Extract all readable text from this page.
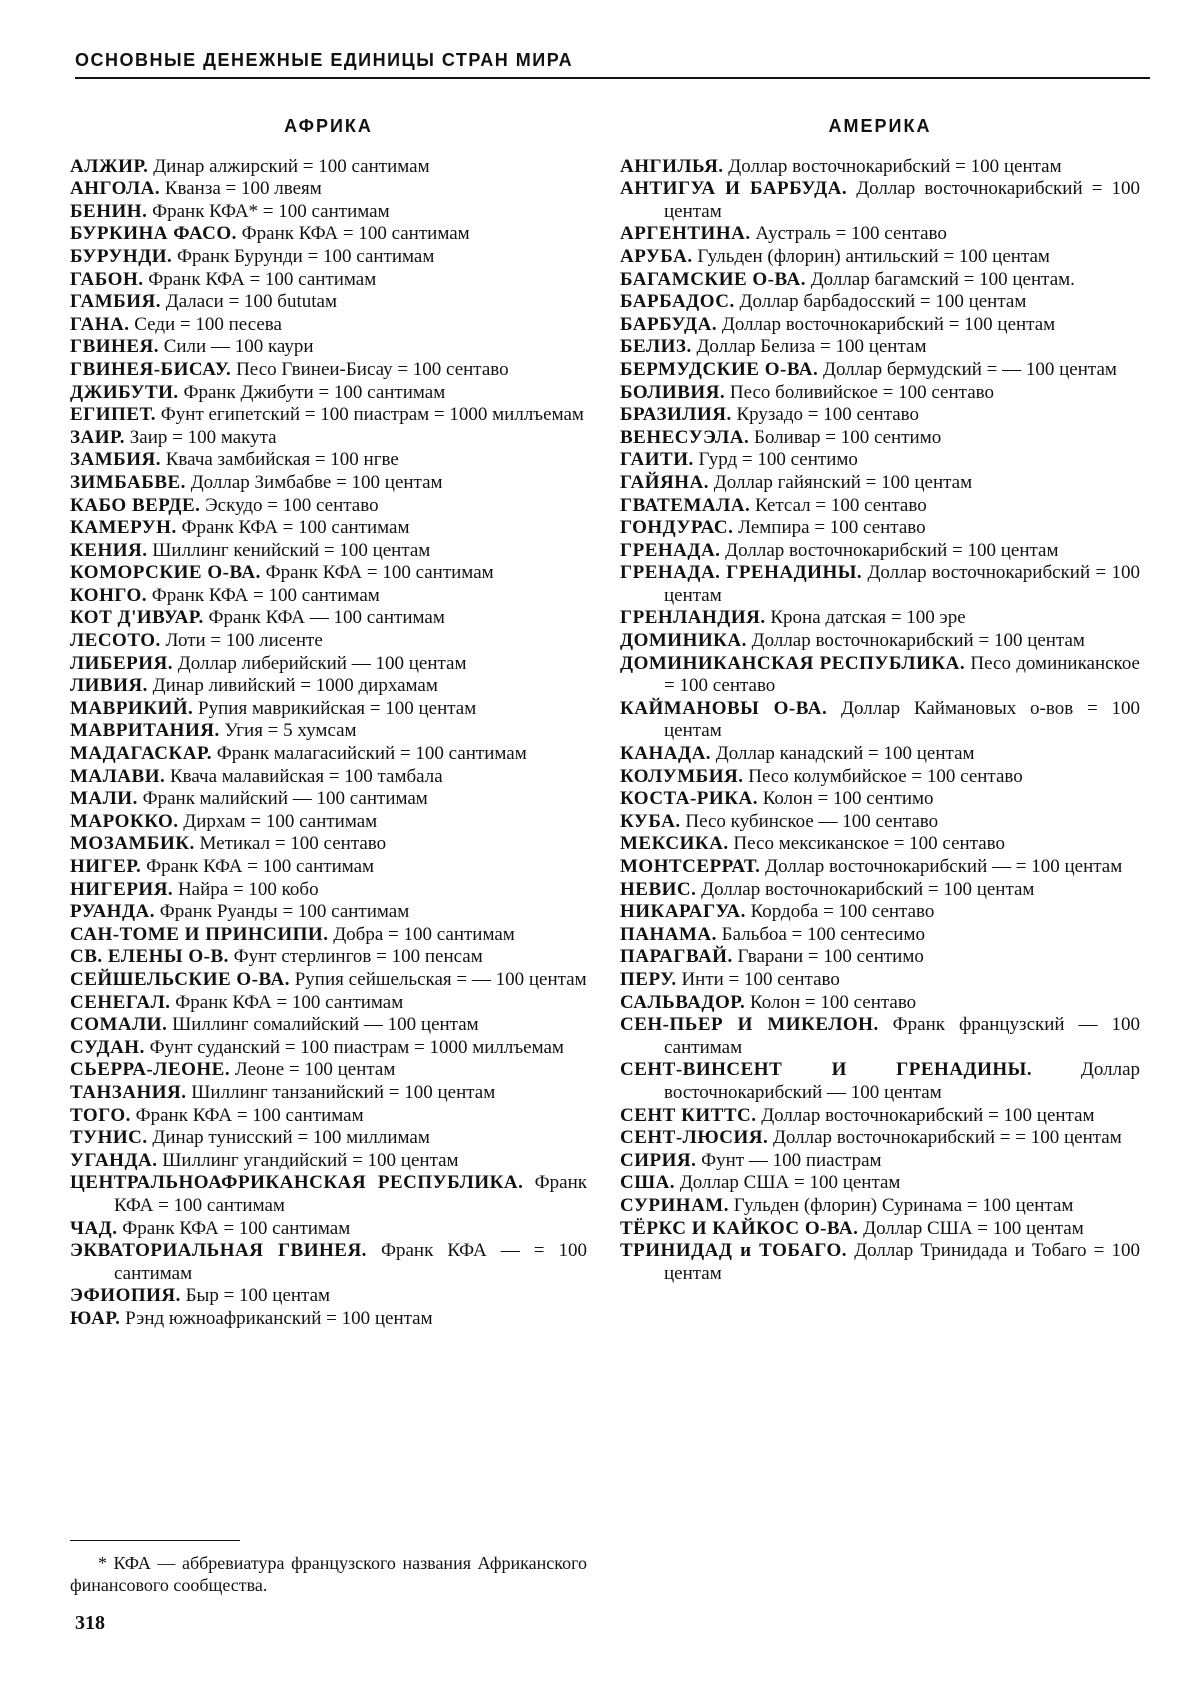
ОСНОВНЫЕ ДЕНЕЖНЫЕ ЕДИНИЦЫ СТРАН МИРА
АФРИКА
АЛЖИР. Динар алжирский = 100 сантимам
АНГОЛА. Кванза = 100 лвеям
БЕНИН. Франк КФА* = 100 сантимам
БУРКИНА ФАСО. Франк КФА = 100 сантимам
БУРУНДИ. Франк Бурунди = 100 сантимам
ГАБОН. Франк КФА = 100 сантимам
ГАМБИЯ. Даласи = 100 бututам
ГАНА. Седи = 100 песева
ГВИНЕЯ. Сили — 100 каури
ГВИНЕЯ-БИСАУ. Песо Гвинеи-Бисау = 100 сентаво
ДЖИБУТИ. Франк Джибути = 100 сантимам
ЕГИПЕТ. Фунт египетский = 100 пиастрам = 1000 миллъемам
ЗАИР. Заир = 100 макута
ЗАМБИЯ. Квача замбийская = 100 нгве
ЗИМБАБВЕ. Доллар Зимбабве = 100 центам
КАБО ВЕРДЕ. Эскудо = 100 сентаво
КАМЕРУН. Франк КФА = 100 сантимам
КЕНИЯ. Шиллинг кенийский = 100 центам
КОМОРСКИЕ О-ВА. Франк КФА = 100 сантимам
КОНГО. Франк КФА = 100 сантимам
КОТ Д'ИВУАР. Франк КФА — 100 сантимам
ЛЕСОТО. Лоти = 100 лисенте
ЛИБЕРИЯ. Доллар либерийский — 100 центам
ЛИВИЯ. Динар ливийский = 1000 дирхамам
МАВРИКИЙ. Рупия маврикийская = 100 центам
МАВРИТАНИЯ. Угия = 5 хумсам
МАДАГАСКАР. Франк малагасийский = 100 сантимам
МАЛАВИ. Квача малавийская = 100 тамбала
МАЛИ. Франк малийский — 100 сантимам
МАРОККО. Дирхам = 100 сантимам
МОЗАМБИК. Метикал = 100 сентаво
НИГЕР. Франк КФА = 100 сантимам
НИГЕРИЯ. Найра = 100 кобо
РУАНДА. Франк Руанды = 100 сантимам
САН-ТОМЕ И ПРИНСИПИ. Добра = 100 сантимам
СВ. ЕЛЕНЫ О-В. Фунт стерлингов = 100 пенсам
СЕЙШЕЛЬСКИЕ О-ВА. Рупия сейшельская = — 100 центам
СЕНЕГАЛ. Франк КФА = 100 сантимам
СОМАЛИ. Шиллинг сомалийский — 100 центам
СУДАН. Фунт суданский = 100 пиастрам = 1000 миллъемам
СЬЕРРА-ЛЕОНЕ. Леоне = 100 центам
ТАНЗАНИЯ. Шиллинг танзанийский = 100 центам
ТОГО. Франк КФА = 100 сантимам
ТУНИС. Динар тунисский = 100 миллимам
УГАНДА. Шиллинг угандийский = 100 центам
ЦЕНТРАЛЬНОАФРИКАНСКАЯ РЕСПУБЛИКА. Франк КФА = 100 сантимам
ЧАД. Франк КФА = 100 сантимам
ЭКВАТОРИАЛЬНАЯ ГВИНЕЯ. Франк КФА — = 100 сантимам
ЭФИОПИЯ. Быр = 100 центам
ЮАР. Рэнд южноафриканский = 100 центам
АМЕРИКА
АНГИЛЬЯ. Доллар восточнокарибский = 100 центам
АНТИГУА И БАРБУДА. Доллар восточнокарибский = 100 центам
АРГЕНТИНА. Аустраль = 100 сентаво
АРУБА. Гульден (флорин) антильский = 100 центам
БАГАМСКИЕ О-ВА. Доллар багамский = 100 центам.
БАРБАДОС. Доллар барбадосский = 100 центам
БАРБУДА. Доллар восточнокарибский = 100 центам
БЕЛИЗ. Доллар Белиза = 100 центам
БЕРМУДСКИЕ О-ВА. Доллар бермудский = — 100 центам
БОЛИВИЯ. Песо боливийское = 100 сентаво
БРАЗИЛИЯ. Крузадо = 100 сентаво
ВЕНЕСУЭЛА. Боливар = 100 сентимо
ГАИТИ. Гурд = 100 сентимо
ГАЙЯНА. Доллар гайянский = 100 центам
ГВАТЕМАЛА. Кетсал = 100 сентаво
ГОНДУРАС. Лемпира = 100 сентаво
ГРЕНАДА. Доллар восточнокарибский = 100 центам
ГРЕНАДА. ГРЕНАДИНЫ. Доллар восточнокарибский = 100 центам
ГРЕНЛАНДИЯ. Крона датская = 100 эре
ДОМИНИКА. Доллар восточнокарибский = 100 центам
ДОМИНИКАНСКАЯ РЕСПУБЛИКА. Песо доминиканское = 100 сентаво
КАЙМАНОВЫ О-ВА. Доллар Каймановых о-вов = 100 центам
КАНАДА. Доллар канадский = 100 центам
КОЛУМБИЯ. Песо колумбийское = 100 сентаво
КОСТА-РИКА. Колон = 100 сентимо
КУБА. Песо кубинское — 100 сентаво
МЕКСИКА. Песо мексиканское = 100 сентаво
МОНТСЕРРАТ. Доллар восточнокарибский — = 100 центам
НЕВИС. Доллар восточнокарибский = 100 центам
НИКАРАГУА. Кордоба = 100 сентаво
ПАНАМА. Бальбоа = 100 сентесимо
ПАРАГВАЙ. Гварани = 100 сентимо
ПЕРУ. Инти = 100 сентаво
САЛЬВАДОР. Колон = 100 сентаво
СЕН-ПЬЕР И МИКЕЛОН. Франк французский — 100 сантимам
СЕНТ-ВИНСЕНТ И ГРЕНАДИНЫ.	Доллар восточнокарибский — 100 центам
СЕНТ КИТТС. Доллар восточнокарибский = 100 центам
СЕНТ-ЛЮСИЯ. Доллар восточнокарибский = = 100 центам
СИРИЯ. Фунт — 100 пиастрам
США. Доллар США = 100 центам
СУРИНАМ. Гульден (флорин) Суринама = 100 центам
ТЁРКС И КАЙКОС О-ВА. Доллар США = 100 центам
ТРИНИДАД и ТОБАГО. Доллар Тринидада и Тобаго = 100 центам
* КФА — аббревиатура французского названия Африканского финансового сообщества.
318
